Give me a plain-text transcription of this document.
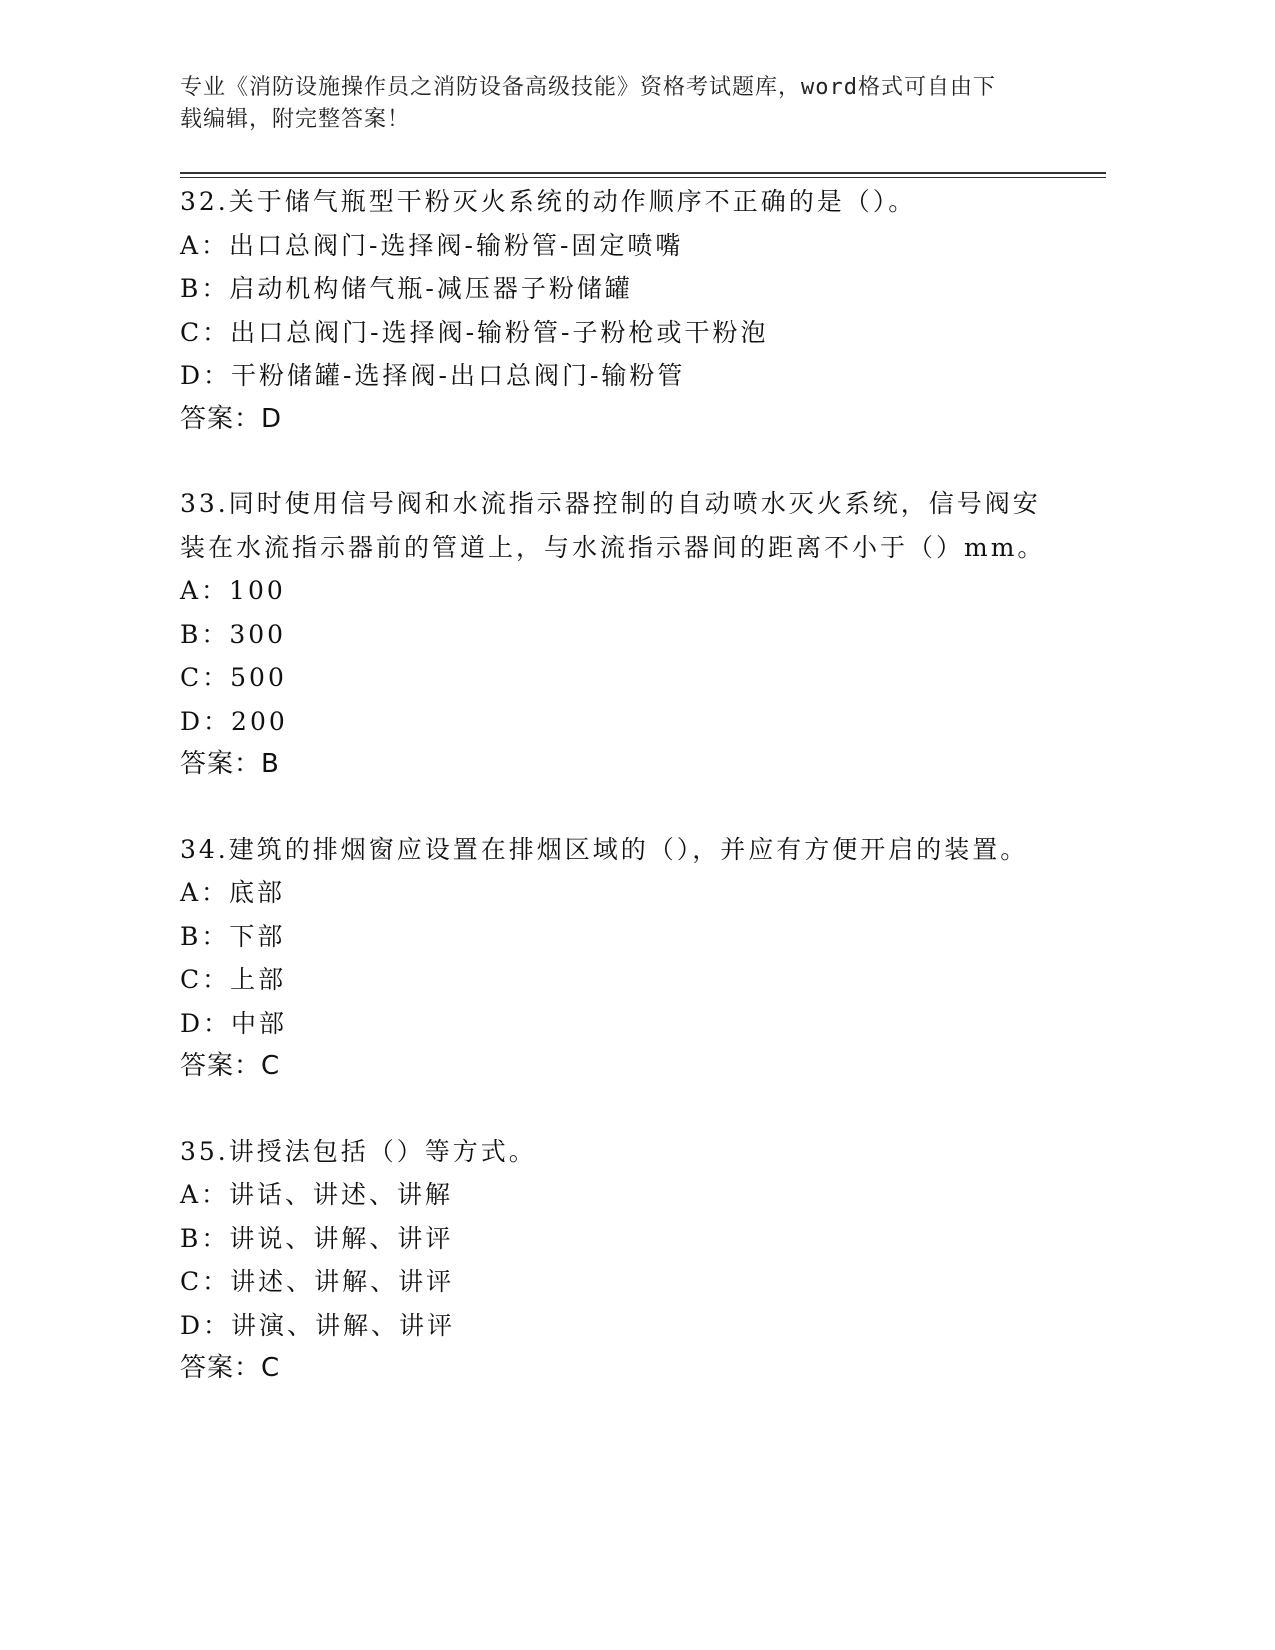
专业《消防设施操作员之消防设备高级技能》资格考试题库，word格式可自由下
载编辑，附完整答案！
32.关于储气瓶型干粉灭火系统的动作顺序不正确的是（）。
A：出口总阀门-选择阀-输粉管-固定喷嘴
B：启动机构储气瓶-减压器子粉储罐
C：出口总阀门-选择阀-输粉管-子粉枪或干粉泡
D：干粉储罐-选择阀-出口总阀门-输粉管
答案：D
33.同时使用信号阀和水流指示器控制的自动喷水灭火系统，信号阀安
装在水流指示器前的管道上，与水流指示器间的距离不小于（）mm。
A：100
B：300
C：500
D：200
答案：B
34.建筑的排烟窗应设置在排烟区域的（），并应有方便开启的装置。
A：底部
B：下部
C：上部
D：中部
答案：C
35.讲授法包括（）等方式。
A：讲话、讲述、讲解
B：讲说、讲解、讲评
C：讲述、讲解、讲评
D：讲演、讲解、讲评
答案：C
